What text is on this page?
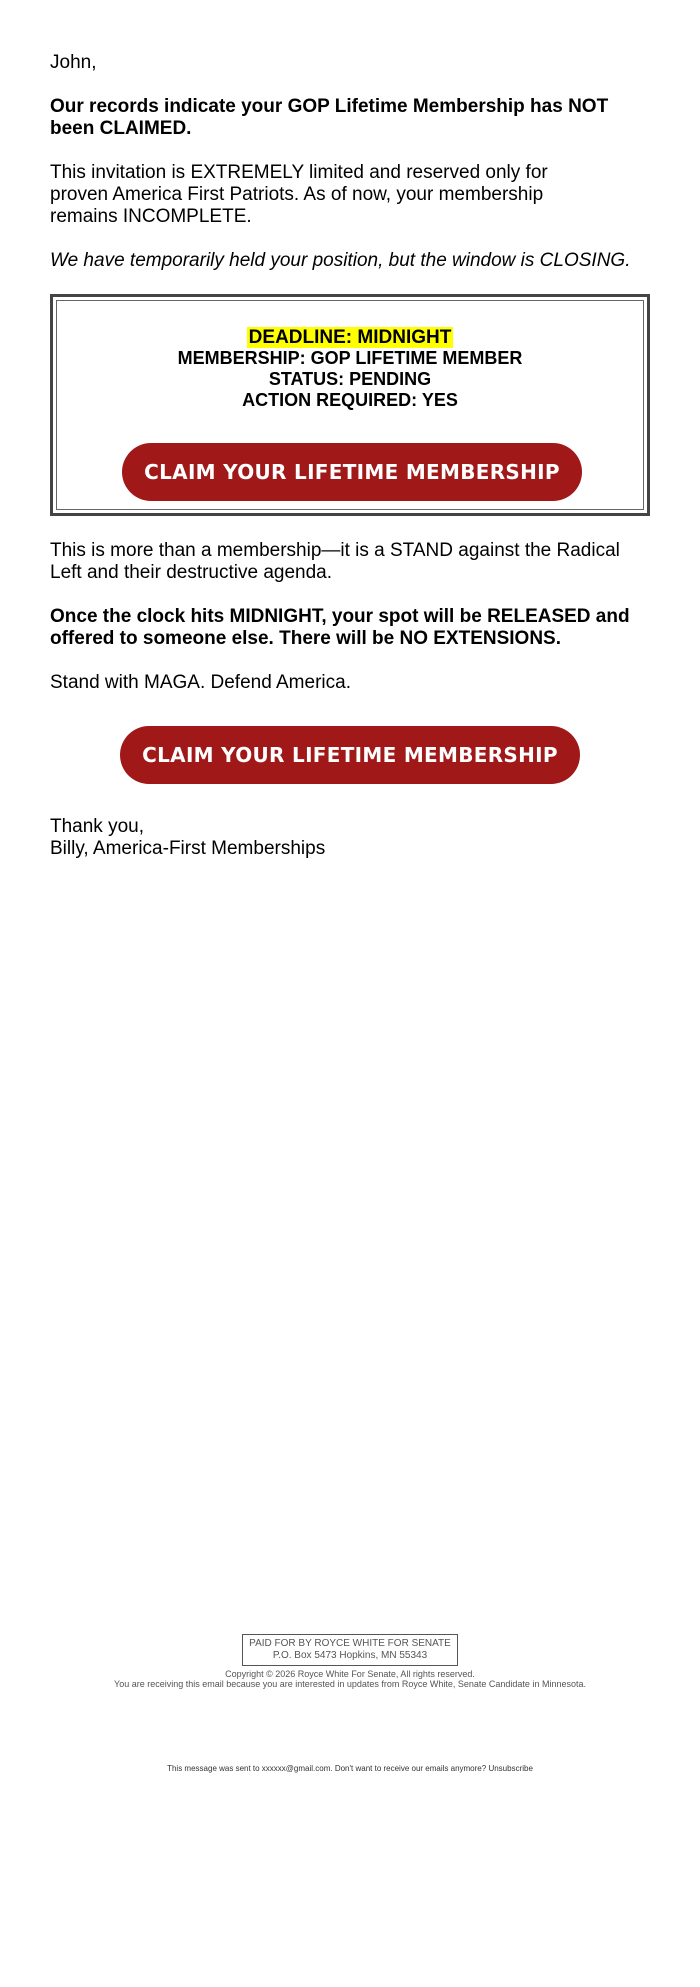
John,

Our records indicate your GOP Lifetime Membership has NOT been CLAIMED.

This invitation is EXTREMELY limited and reserved only for proven America First Patriots. As of now, your membership remains INCOMPLETE.

We have temporarily held your position, but the window is CLOSING.

DEADLINE: MIDNIGHT
MEMBERSHIP: GOP LIFETIME MEMBER
STATUS: PENDING
ACTION REQUIRED: YES
CLAIM YOUR LIFETIME MEMBERSHIP

This is more than a membership—it is a STAND against the Radical Left and their destructive agenda.

Once the clock hits MIDNIGHT, your spot will be RELEASED and offered to someone else. There will be NO EXTENSIONS.

Stand with MAGA. Defend America.

CLAIM YOUR LIFETIME MEMBERSHIP

Thank you,

Billy, America-First Memberships

PAID FOR BY ROYCE WHITE FOR SENATE
P.O. Box 5473 Hopkins, MN 55343
Copyright © 2026 Royce White For Senate, All rights reserved.
You are receiving this email because you are interested in updates from Royce White, Senate Candidate in Minnesota.
This message was sent to xxxxxx@gmail.com. Don't want to receive our emails anymore? Unsubscribe
